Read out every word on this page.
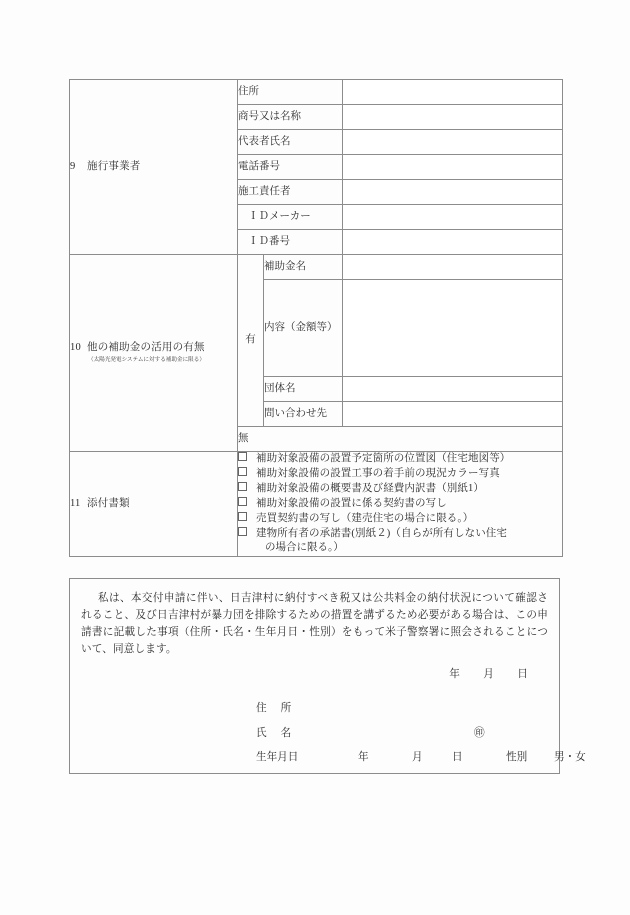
9 施行事業者	住所		
	商号又は名称		
	代表者氏名		
	電話番号		
	施工責任者		
	ＩＤメーカー		
	ＩＤ番号		
10 他の補助金の活用の有無
（太陽光発電システムに対する補助金に限る）	有	補助金名	
		内容（金額等）	
		団体名	
		問い合わせ先	
	無		
11 添付書類	
補助対象設備の設置予定箇所の位置図（住宅地図等）
補助対象設備の設置工事の着手前の現況カラー写真
補助対象設備の概要書及び経費内訳書（別紙1）
補助対象設備の設置に係る契約書の写し
売買契約書の写し（建売住宅の場合に限る。）
建物所有者の承諾書(別紙２)（自らが所有しない住宅
の場合に限る。）

私は、本交付申請に伴い、日吉津村に納付すべき税又は公共料金の納付状況について確認されること、及び日吉津村が暴力団を排除するための措置を講ずるため必要がある場合は、この申請書に記載した事項（住所・氏名・生年月日・性別）をもって米子警察署に照会されることについて、同意します。

年 月 日
住 所
氏 名	㊞
生年月日	年	月	日	性別	男・女
